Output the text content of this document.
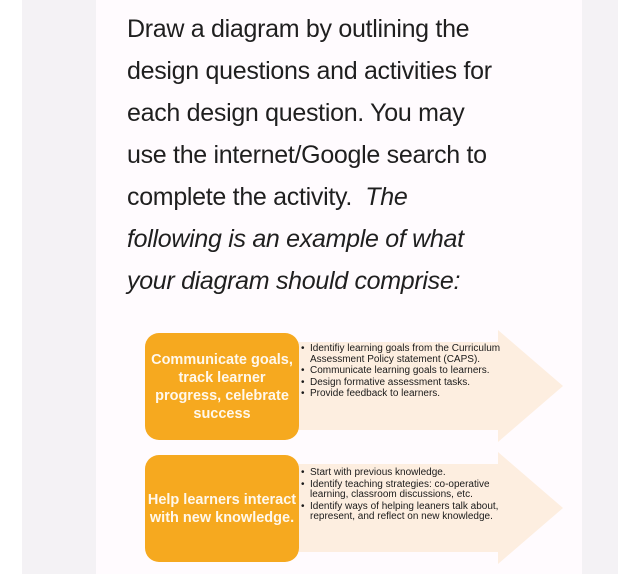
Draw a diagram by outlining the
design questions and activities for
each design question. You may
use the internet/Google search to
complete the activity.  The
following is an example of what
your diagram should comprise:
Communicate goals, track learner progress, celebrate success
• Identifiy learning goals from the Curriculum Assessment Policy statement (CAPS).
• Communicate learning goals to learners.
• Design formative assessment tasks.
• Provide feedback to learners.
Help learners interact with new knowledge.
• Start with previous knowledge.
• Identify teaching strategies: co-operative learning, classroom discussions, etc.
• Identify ways of helping leaners talk about, represent, and reflect on new knowledge.
